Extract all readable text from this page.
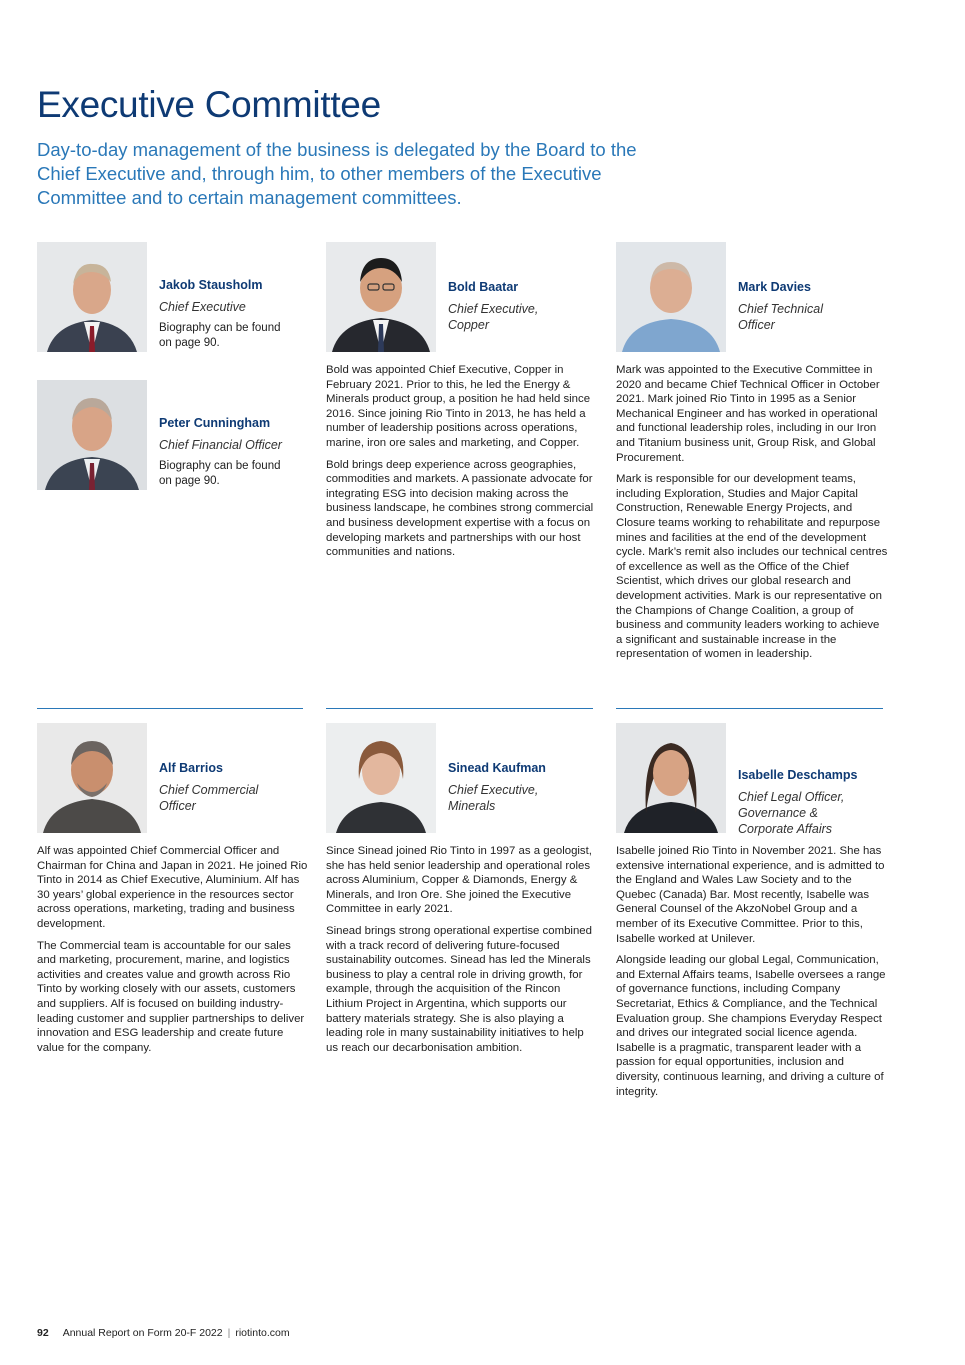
Executive Committee

Day-to-day management of the business is delegated by the Board to the Chief Executive and, through him, to other members of the Executive Committee and to certain management committees.

Jakob Stausholm

Chief Executive

Biography can be found on page 90.

Peter Cunningham

Chief Financial Officer

Biography can be found on page 90.

Bold Baatar

Chief Executive, Copper

Bold was appointed Chief Executive, Copper in February 2021. Prior to this, he led the Energy & Minerals product group, a position he had held since 2016. Since joining Rio Tinto in 2013, he has held a number of leadership positions across operations, marine, iron ore sales and marketing, and Copper.

Bold brings deep experience across geographies, commodities and markets. A passionate advocate for integrating ESG into decision making across the business landscape, he combines strong commercial and business development expertise with a focus on developing markets and partnerships with our host communities and nations.

Mark Davies

Chief Technical Officer

Mark was appointed to the Executive Committee in 2020 and became Chief Technical Officer in October 2021. Mark joined Rio Tinto in 1995 as a Senior Mechanical Engineer and has worked in operational and functional leadership roles, including in our Iron and Titanium business unit, Group Risk, and Global Procurement.

Mark is responsible for our development teams, including Exploration, Studies and Major Capital Construction, Renewable Energy Projects, and Closure teams working to rehabilitate and repurpose mines and facilities at the end of the development cycle. Mark’s remit also includes our technical centres of excellence as well as the Office of the Chief Scientist, which drives our global research and development activities. Mark is our representative on the Champions of Change Coalition, a group of business and community leaders working to achieve a significant and sustainable increase in the representation of women in leadership.

Alf Barrios

Chief Commercial Officer

Alf was appointed Chief Commercial Officer and Chairman for China and Japan in 2021. He joined Rio Tinto in 2014 as Chief Executive, Aluminium. Alf has 30 years’ global experience in the resources sector across operations, marketing, trading and business development.

The Commercial team is accountable for our sales and marketing, procurement, marine, and logistics activities and creates value and growth across Rio Tinto by working closely with our assets, customers and suppliers. Alf is focused on building industry-leading customer and supplier partnerships to deliver innovation and ESG leadership and create future value for the company.

Sinead Kaufman

Chief Executive, Minerals

Since Sinead joined Rio Tinto in 1997 as a geologist, she has held senior leadership and operational roles across Aluminium, Copper & Diamonds, Energy & Minerals, and Iron Ore. She joined the Executive Committee in early 2021.

Sinead brings strong operational expertise combined with a track record of delivering future-focused sustainability outcomes. Sinead has led the Minerals business to play a central role in driving growth, for example, through the acquisition of the Rincon Lithium Project in Argentina, which supports our battery materials strategy. She is also playing a leading role in many sustainability initiatives to help us reach our decarbonisation ambition.

Isabelle Deschamps

Chief Legal Officer, Governance & Corporate Affairs

Isabelle joined Rio Tinto in November 2021. She has extensive international experience, and is admitted to the England and Wales Law Society and to the Quebec (Canada) Bar. Most recently, Isabelle was General Counsel of the AkzoNobel Group and a member of its Executive Committee. Prior to this, Isabelle worked at Unilever.

Alongside leading our global Legal, Communication, and External Affairs teams, Isabelle oversees a range of governance functions, including Company Secretariat, Ethics & Compliance, and the Technical Evaluation group. She champions Everyday Respect and drives our integrated social licence agenda. Isabelle is a pragmatic, transparent leader with a passion for equal opportunities, inclusion and diversity, continuous learning, and driving a culture of integrity.

92 Annual Report on Form 20-F 2022 | riotinto.com
